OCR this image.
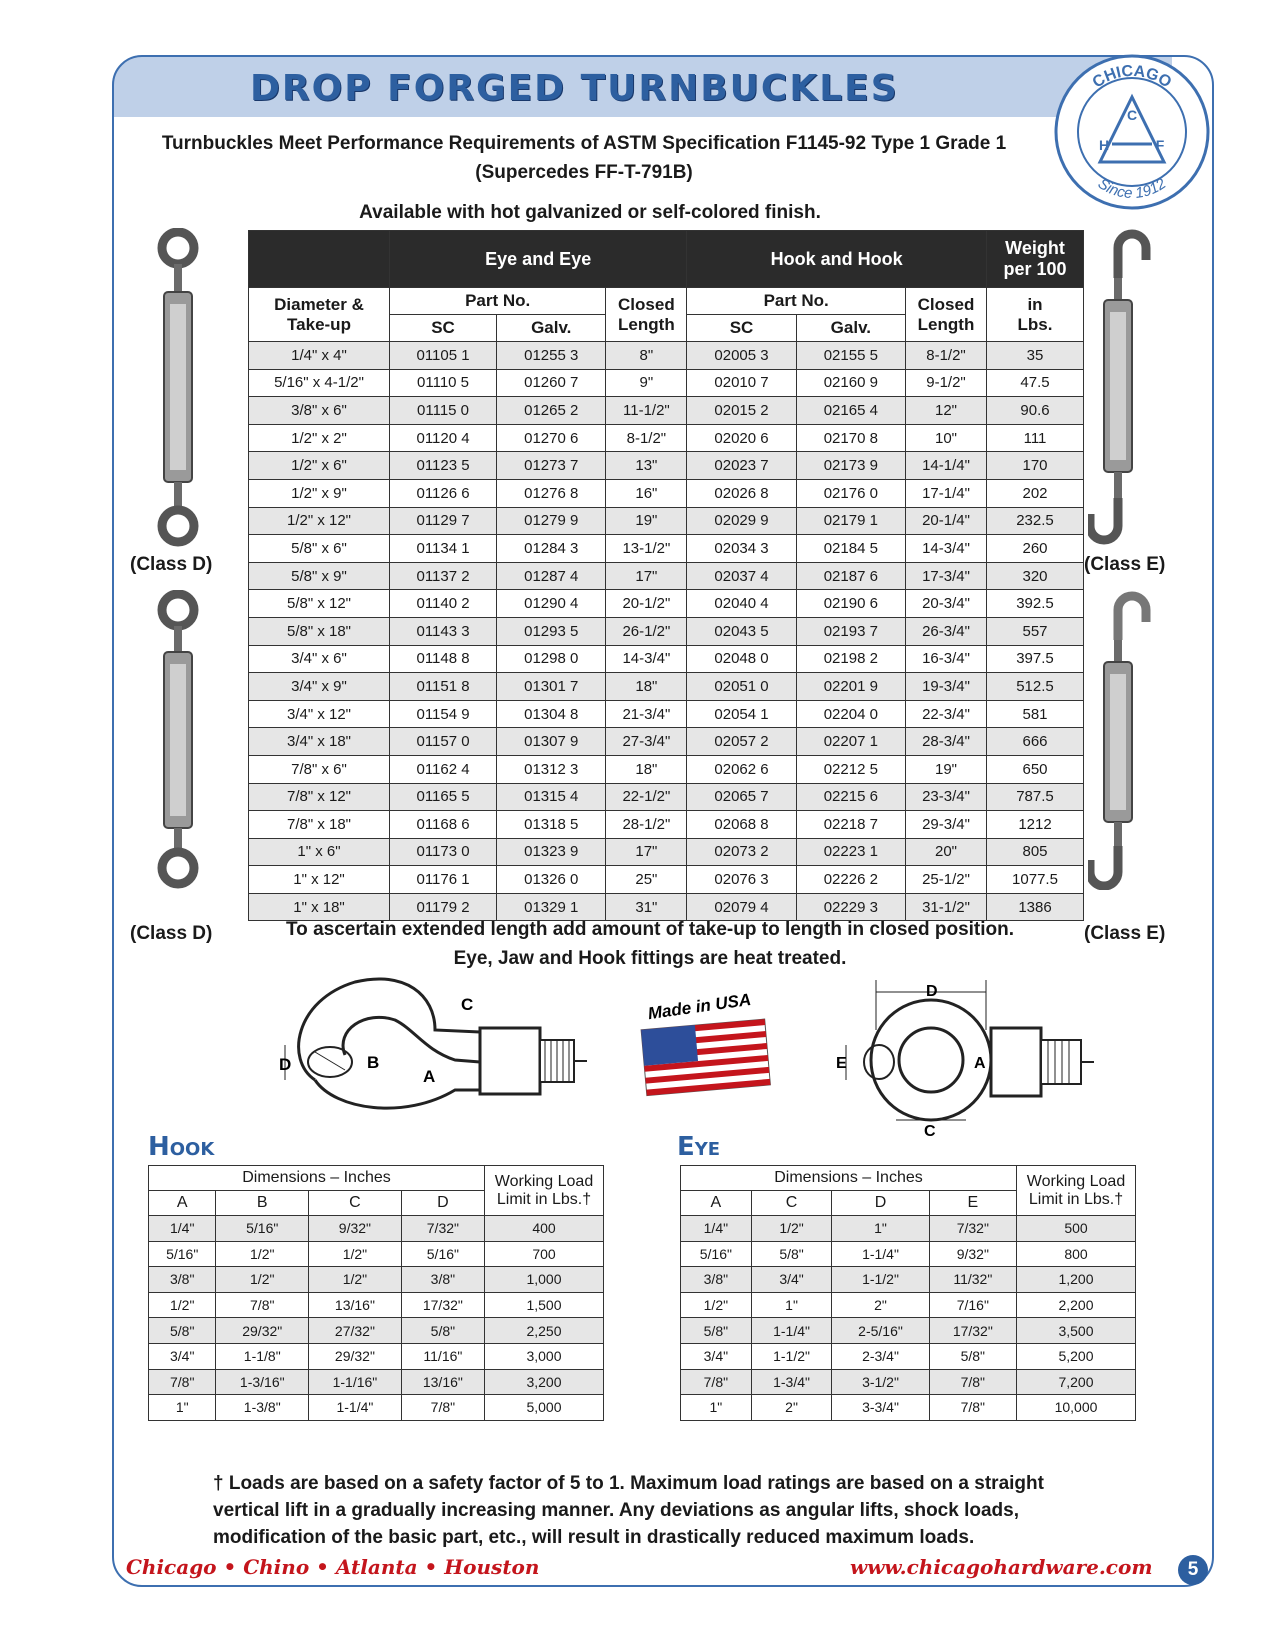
DROP FORGED TURNBUCKLES	CHICAGO
Since 1912
C
H	F
Turnbuckles Meet Performance Requirements of ASTM Specification F1145-92 Type 1 Grade 1
(Supercedes FF-T-791B)
Available with hot galvanized or self-colored finish.
(Class D)	(Class E)
(Class D)	(Class E)
	Eye and Eye			Hook and Hook			Weight
per 100
Diameter &
Take-up	Part No.		Closed
Length	Part No.		Closed
Length	in
Lbs.
	SC	Galv.		SC	Galv.		
1/4" x 4"	01105 1	01255 3	8"	02005 3	02155 5	8-1/2"	35
5/16" x 4-1/2"	01110 5	01260 7	9"	02010 7	02160 9	9-1/2"	47.5
3/8" x 6"	01115 0	01265 2	11-1/2"	02015 2	02165 4	12"	90.6
1/2" x 2"	01120 4	01270 6	8-1/2"	02020 6	02170 8	10"	111
1/2" x 6"	01123 5	01273 7	13"	02023 7	02173 9	14-1/4"	170
1/2" x 9"	01126 6	01276 8	16"	02026 8	02176 0	17-1/4"	202
1/2" x 12"	01129 7	01279 9	19"	02029 9	02179 1	20-1/4"	232.5
5/8" x 6"	01134 1	01284 3	13-1/2"	02034 3	02184 5	14-3/4"	260
5/8" x 9"	01137 2	01287 4	17"	02037 4	02187 6	17-3/4"	320
5/8" x 12"	01140 2	01290 4	20-1/2"	02040 4	02190 6	20-3/4"	392.5
5/8" x 18"	01143 3	01293 5	26-1/2"	02043 5	02193 7	26-3/4"	557
3/4" x 6"	01148 8	01298 0	14-3/4"	02048 0	02198 2	16-3/4"	397.5
3/4" x 9"	01151 8	01301 7	18"	02051 0	02201 9	19-3/4"	512.5
3/4" x 12"	01154 9	01304 8	21-3/4"	02054 1	02204 0	22-3/4"	581
3/4" x 18"	01157 0	01307 9	27-3/4"	02057 2	02207 1	28-3/4"	666
7/8" x 6"	01162 4	01312 3	18"	02062 6	02212 5	19"	650
7/8" x 12"	01165 5	01315 4	22-1/2"	02065 7	02215 6	23-3/4"	787.5
7/8" x 18"	01168 6	01318 5	28-1/2"	02068 8	02218 7	29-3/4"	1212
1" x 6"	01173 0	01323 9	17"	02073 2	02223 1	20"	805
1" x 12"	01176 1	01326 0	25"	02076 3	02226 2	25-1/2"	1077.5
1" x 18"	01179 2	01329 1	31"	02079 4	02229 3	31-1/2"	1386
To ascertain extended length add amount of take-up to length in closed position.
Eye, Jaw and Hook fittings are heat treated.
D	B
A
C	Made in USA	D
E	A
C
Hook	Eye
Dimensions – Inches				Working Load
Limit in Lbs.†
A	B	C	D	
1/4"	5/16"	9/32"	7/32"	400
5/16"	1/2"	1/2"	5/16"	700
3/8"	1/2"	1/2"	3/8"	1,000
1/2"	7/8"	13/16"	17/32"	1,500
5/8"	29/32"	27/32"	5/8"	2,250
3/4"	1-1/8"	29/32"	11/16"	3,000
7/8"	1-3/16"	1-1/16"	13/16"	3,200
1"	1-3/8"	1-1/4"	7/8"	5,000
Dimensions – Inches				Working Load
Limit in Lbs.†
A	C	D	E	
1/4"	1/2"	1"	7/32"	500
5/16"	5/8"	1-1/4"	9/32"	800
3/8"	3/4"	1-1/2"	11/32"	1,200
1/2"	1"	2"	7/16"	2,200
5/8"	1-1/4"	2-5/16"	17/32"	3,500
3/4"	1-1/2"	2-3/4"	5/8"	5,200
7/8"	1-3/4"	3-1/2"	7/8"	7,200
1"	2"	3-3/4"	7/8"	10,000
† Loads are based on a safety factor of 5 to 1. Maximum load ratings are based on a straight vertical lift in a gradually increasing manner. Any deviations as angular lifts, shock loads, modification of the basic part, etc., will result in drastically reduced maximum loads.
Chicago • Chino • Atlanta • Houston	www.chicagohardware.com	5
